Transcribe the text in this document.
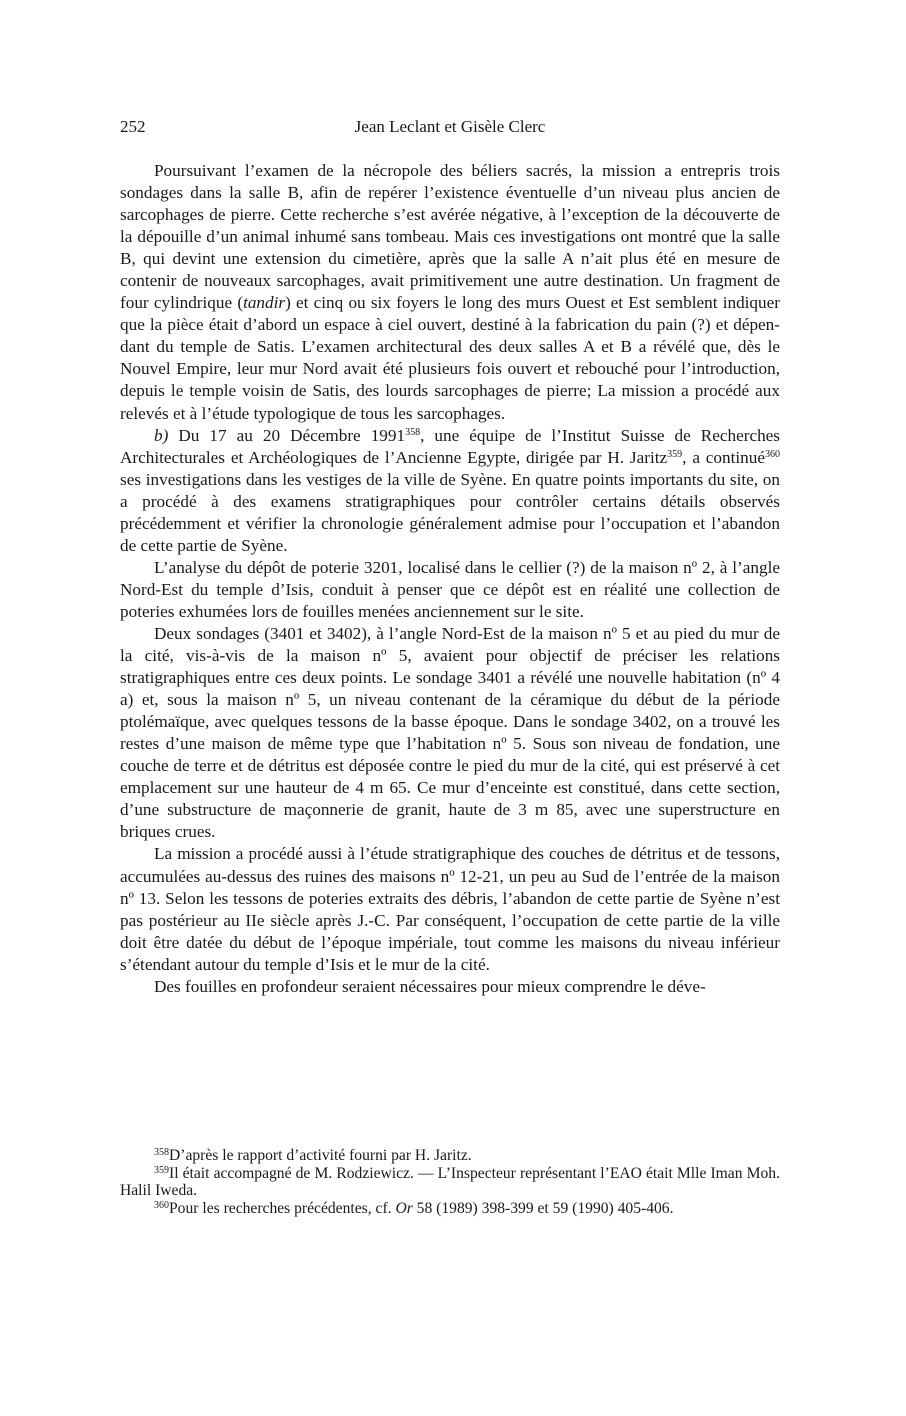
252	Jean Leclant et Gisèle Clerc

Poursuivant l’examen de la nécropole des béliers sacrés, la mission a entrepris trois sondages dans la salle B, afin de repérer l’existence éventuelle d’un niveau plus ancien de sarcophages de pierre. Cette recherche s’est avérée négative, à l’exception de la découverte de la dépouille d’un animal inhumé sans tombeau. Mais ces investigations ont montré que la salle B, qui devint une extension du cimetière, après que la salle A n’ait plus été en mesure de contenir de nouveaux sarcophages, avait primitivement une autre destination. Un fragment de four cylindrique (tandir) et cinq ou six foyers le long des murs Ouest et Est semblent indiquer que la pièce était d’abord un espace à ciel ouvert, destiné à la fabrication du pain (?) et dépendant du temple de Satis. L’examen architectural des deux salles A et B a révélé que, dès le Nouvel Empire, leur mur Nord avait été plusieurs fois ouvert et rebouché pour l’introduction, depuis le temple voisin de Satis, des lourds sarcophages de pierre; La mission a procédé aux relevés et à l’étude typologique de tous les sarcophages.

b) Du 17 au 20 Décembre 1991$^{358}$, une équipe de l’Institut Suisse de Recherches Architecturales et Archéologiques de l’Ancienne Egypte, dirigée par H. Jaritz$^{359}$, a continué$^{360}$ ses investigations dans les vestiges de la ville de Syène. En quatre points importants du site, on a procédé à des examens stratigraphiques pour contrôler certains détails observés précédemment et vérifier la chronologie généralement admise pour l’occupation et l’abandon de cette partie de Syène.

L’analyse du dépôt de poterie 3201, localisé dans le cellier (?) de la maison nº 2, à l’angle Nord-Est du temple d’Isis, conduit à penser que ce dépôt est en réalité une collection de poteries exhumées lors de fouilles menées anciennement sur le site.

Deux sondages (3401 et 3402), à l’angle Nord-Est de la maison nº 5 et au pied du mur de la cité, vis-à-vis de la maison nº 5, avaient pour objectif de préciser les relations stratigraphiques entre ces deux points. Le sondage 3401 a révélé une nouvelle habitation (nº 4 a) et, sous la maison nº 5, un niveau contenant de la céramique du début de la période ptolémaïque, avec quelques tessons de la basse époque. Dans le sondage 3402, on a trouvé les restes d’une maison de même type que l’habitation nº 5. Sous son niveau de fondation, une couche de terre et de détritus est déposée contre le pied du mur de la cité, qui est préservé à cet emplacement sur une hauteur de 4 m 65. Ce mur d’enceinte est constitué, dans cette section, d’une substructure de maçonnerie de granit, haute de 3 m 85, avec une superstructure en briques crues.

La mission a procédé aussi à l’étude stratigraphique des couches de détritus et de tessons, accumulées au-dessus des ruines des maisons nº 12-21, un peu au Sud de l’entrée de la maison nº 13. Selon les tessons de poteries extraits des débris, l’abandon de cette partie de Syène n’est pas postérieur au IIe siècle après J.-C. Par conséquent, l’occupation de cette partie de la ville doit être datée du début de l’époque impériale, tout comme les maisons du niveau inférieur s’étendant autour du temple d’Isis et le mur de la cité.

Des fouilles en profondeur seraient nécessaires pour mieux comprendre le déve-

$^{358}$D’après le rapport d’activité fourni par H. Jaritz.

$^{359}$Il était accompagné de M. Rodziewicz. — L’Inspecteur représentant l’EAO était Mlle Iman Moh. Halil Iweda.

$^{360}$Pour les recherches précédentes, cf. Or 58 (1989) 398-399 et 59 (1990) 405-406.
